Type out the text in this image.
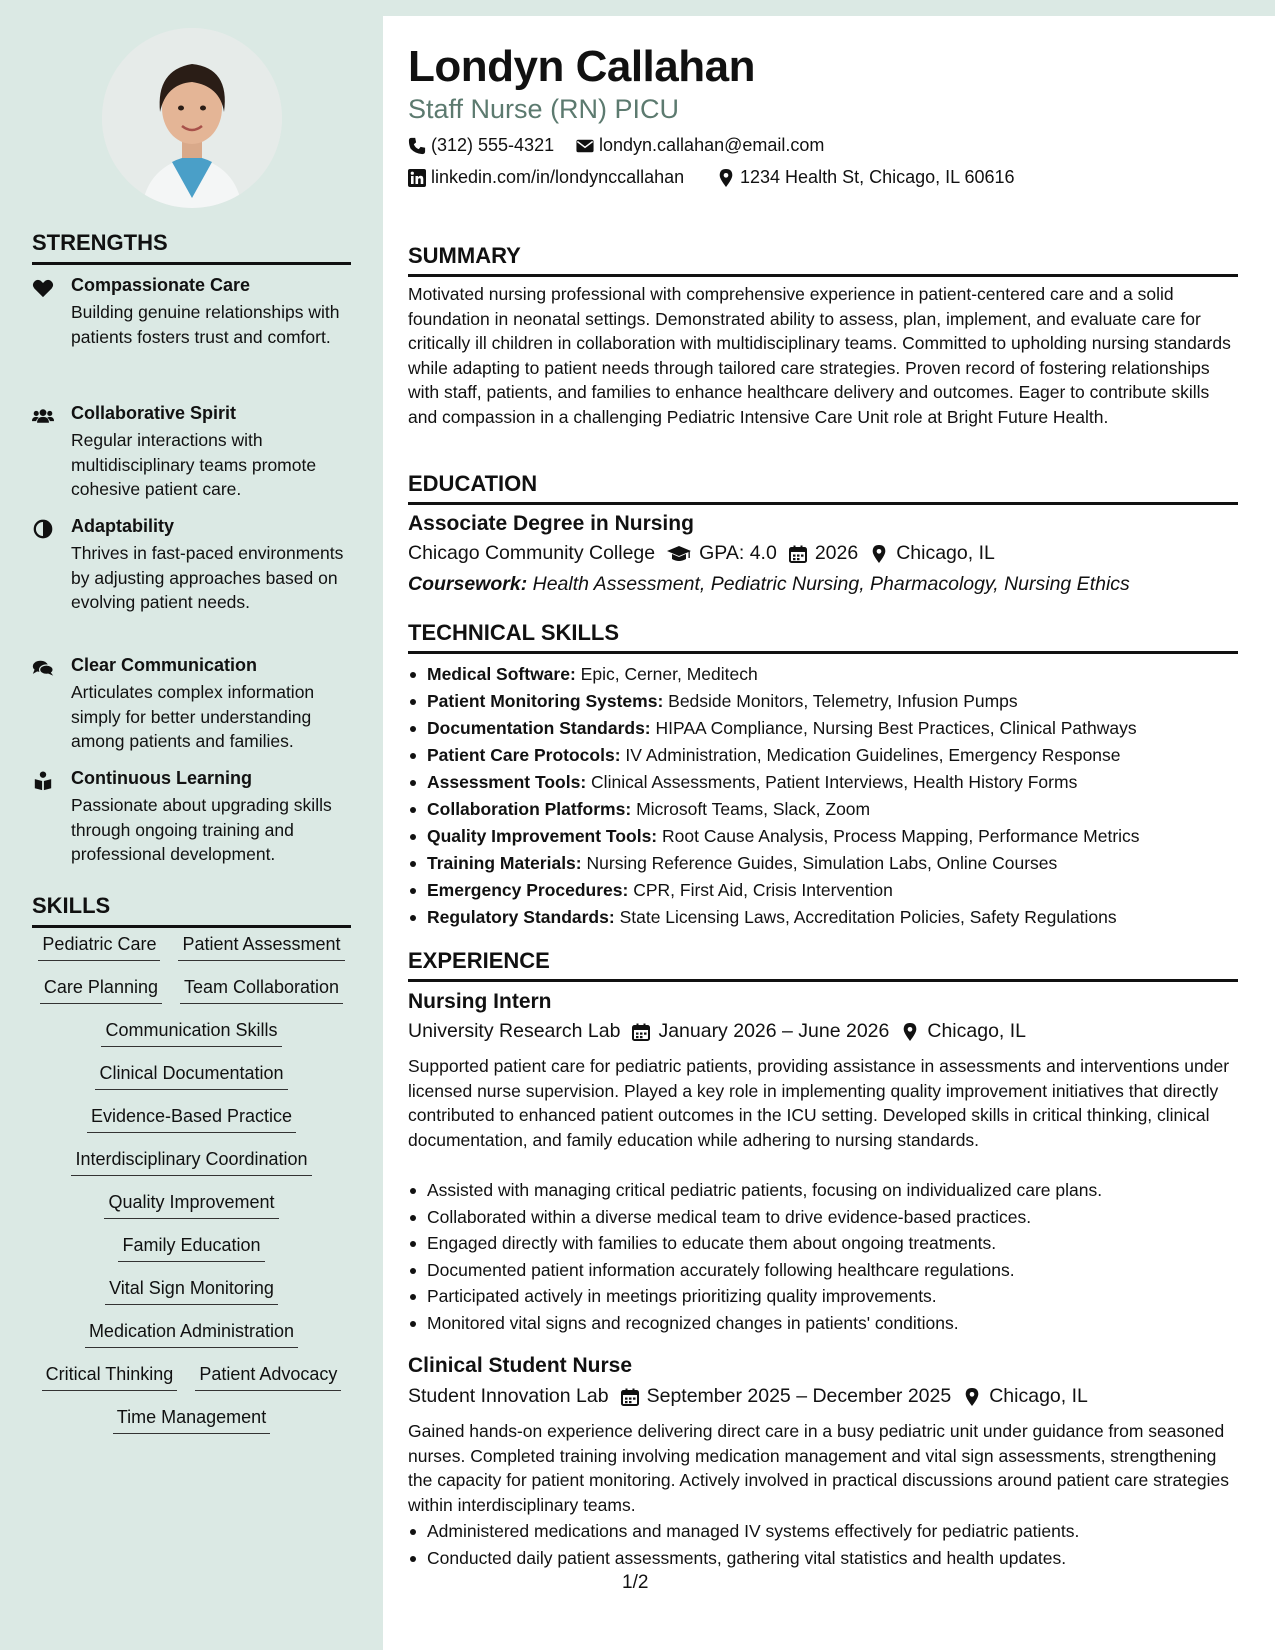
STRENGTHS
Compassionate Care
Building genuine relationships with patients fosters trust and comfort.
Collaborative Spirit
Regular interactions with multidisciplinary teams promote cohesive patient care.
Adaptability
Thrives in fast-paced environments by adjusting approaches based on evolving patient needs.
Clear Communication
Articulates complex information simply for better understanding among patients and families.
Continuous Learning
Passionate about upgrading skills through ongoing training and professional development.
SKILLS
Pediatric Care Patient Assessment
Care Planning Team Collaboration
Communication Skills
Clinical Documentation
Evidence-Based Practice
Interdisciplinary Coordination
Quality Improvement
Family Education
Vital Sign Monitoring
Medication Administration
Critical Thinking Patient Advocacy
Time Management
Londyn Callahan
Staff Nurse (RN) PICU
(312) 555-4321 londyn.callahan@email.com
linkedin.com/in/londynccallahan	1234 Health St, Chicago, IL 60616
SUMMARY
Motivated nursing professional with comprehensive experience in patient-centered care and a solid foundation in neonatal settings. Demonstrated ability to assess, plan, implement, and evaluate care for critically ill children in collaboration with multidisciplinary teams. Committed to upholding nursing standards while adapting to patient needs through tailored care strategies. Proven record of fostering relationships with staff, patients, and families to enhance healthcare delivery and outcomes. Eager to contribute skills and compassion in a challenging Pediatric Intensive Care Unit role at Bright Future Health.
EDUCATION
Associate Degree in Nursing
Chicago Community College GPA: 4.0 2026 Chicago, IL
Coursework: Health Assessment, Pediatric Nursing, Pharmacology, Nursing Ethics
TECHNICAL SKILLS
Medical Software: Epic, Cerner, Meditech
Patient Monitoring Systems: Bedside Monitors, Telemetry, Infusion Pumps
Documentation Standards: HIPAA Compliance, Nursing Best Practices, Clinical Pathways
Patient Care Protocols: IV Administration, Medication Guidelines, Emergency Response
Assessment Tools: Clinical Assessments, Patient Interviews, Health History Forms
Collaboration Platforms: Microsoft Teams, Slack, Zoom
Quality Improvement Tools: Root Cause Analysis, Process Mapping, Performance Metrics
Training Materials: Nursing Reference Guides, Simulation Labs, Online Courses
Emergency Procedures: CPR, First Aid, Crisis Intervention
Regulatory Standards: State Licensing Laws, Accreditation Policies, Safety Regulations
EXPERIENCE
Nursing Intern
University Research Lab January 2026 – June 2026 Chicago, IL
Supported patient care for pediatric patients, providing assistance in assessments and interventions under licensed nurse supervision. Played a key role in implementing quality improvement initiatives that directly contributed to enhanced patient outcomes in the ICU setting. Developed skills in critical thinking, clinical documentation, and family education while adhering to nursing standards.
Assisted with managing critical pediatric patients, focusing on individualized care plans.
Collaborated within a diverse medical team to drive evidence-based practices.
Engaged directly with families to educate them about ongoing treatments.
Documented patient information accurately following healthcare regulations.
Participated actively in meetings prioritizing quality improvements.
Monitored vital signs and recognized changes in patients' conditions.
Clinical Student Nurse
Student Innovation Lab September 2025 – December 2025 Chicago, IL
Gained hands-on experience delivering direct care in a busy pediatric unit under guidance from seasoned nurses. Completed training involving medication management and vital sign assessments, strengthening the capacity for patient monitoring. Actively involved in practical discussions around patient care strategies within interdisciplinary teams.
Administered medications and managed IV systems effectively for pediatric patients.
Conducted daily patient assessments, gathering vital statistics and health updates.
1/2
